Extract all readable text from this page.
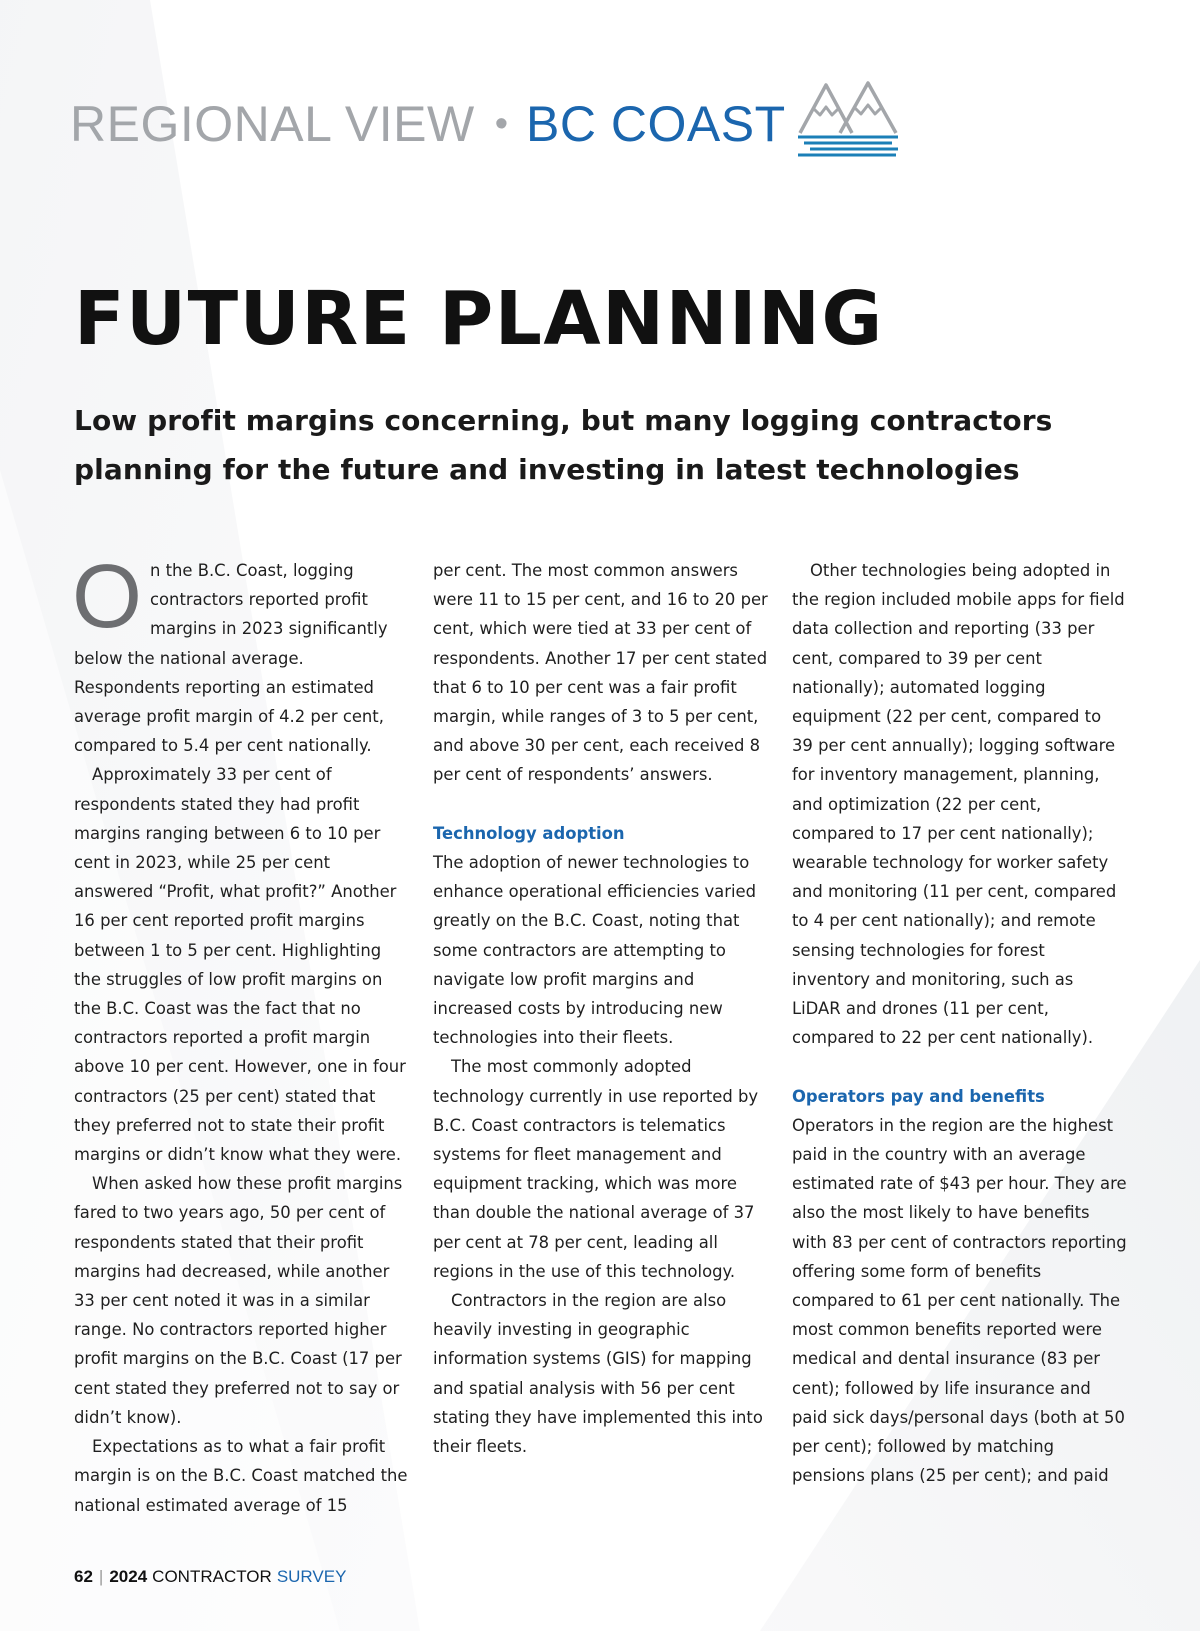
REGIONAL VIEW • BC COAST
FUTURE PLANNING
Low profit margins concerning, but many logging contractors planning for the future and investing in latest technologies

On the B.C. Coast, logging contractors reported profit margins in 2023 significantly below the national average. Respondents reporting an estimated average profit margin of 4.2 per cent, compared to 5.4 per cent nationally.

Approximately 33 per cent of respondents stated they had profit margins ranging between 6 to 10 per cent in 2023, while 25 per cent answered “Profit, what profit?” Another 16 per cent reported profit margins between 1 to 5 per cent. Highlighting the struggles of low profit margins on the B.C. Coast was the fact that no contractors reported a profit margin above 10 per cent. However, one in four contractors (25 per cent) stated that they preferred not to state their profit margins or didn’t know what they were.

When asked how these profit margins fared to two years ago, 50 per cent of respondents stated that their profit margins had decreased, while another 33 per cent noted it was in a similar range. No contractors reported higher profit margins on the B.C. Coast (17 per cent stated they preferred not to say or didn’t know).

Expectations as to what a fair profit margin is on the B.C. Coast matched the national estimated average of 15

per cent. The most common answers were 11 to 15 per cent, and 16 to 20 per cent, which were tied at 33 per cent of respondents. Another 17 per cent stated that 6 to 10 per cent was a fair profit margin, while ranges of 3 to 5 per cent, and above 30 per cent, each received 8 per cent of respondents’ answers.

Technology adoption

The adoption of newer technologies to enhance operational efficiencies varied greatly on the B.C. Coast, noting that some contractors are attempting to navigate low profit margins and increased costs by introducing new technologies into their fleets.

The most commonly adopted technology currently in use reported by B.C. Coast contractors is telematics systems for fleet management and equipment tracking, which was more than double the national average of 37 per cent at 78 per cent, leading all regions in the use of this technology.

Contractors in the region are also heavily investing in geographic information systems (GIS) for mapping and spatial analysis with 56 per cent stating they have implemented this into their fleets.

Other technologies being adopted in the region included mobile apps for field data collection and reporting (33 per cent, compared to 39 per cent nationally); automated logging equipment (22 per cent, compared to 39 per cent annually); logging software for inventory management, planning, and optimization (22 per cent, compared to 17 per cent nationally); wearable technology for worker safety and monitoring (11 per cent, compared to 4 per cent nationally); and remote sensing technologies for forest inventory and monitoring, such as LiDAR and drones (11 per cent, compared to 22 per cent nationally).

Operators pay and benefits

Operators in the region are the highest paid in the country with an average estimated rate of $43 per hour. They are also the most likely to have benefits with 83 per cent of contractors reporting offering some form of benefits compared to 61 per cent nationally. The most common benefits reported were medical and dental insurance (83 per cent); followed by life insurance and paid sick days/personal days (both at 50 per cent); followed by matching pensions plans (25 per cent); and paid

62 | 2024 CONTRACTOR SURVEY
